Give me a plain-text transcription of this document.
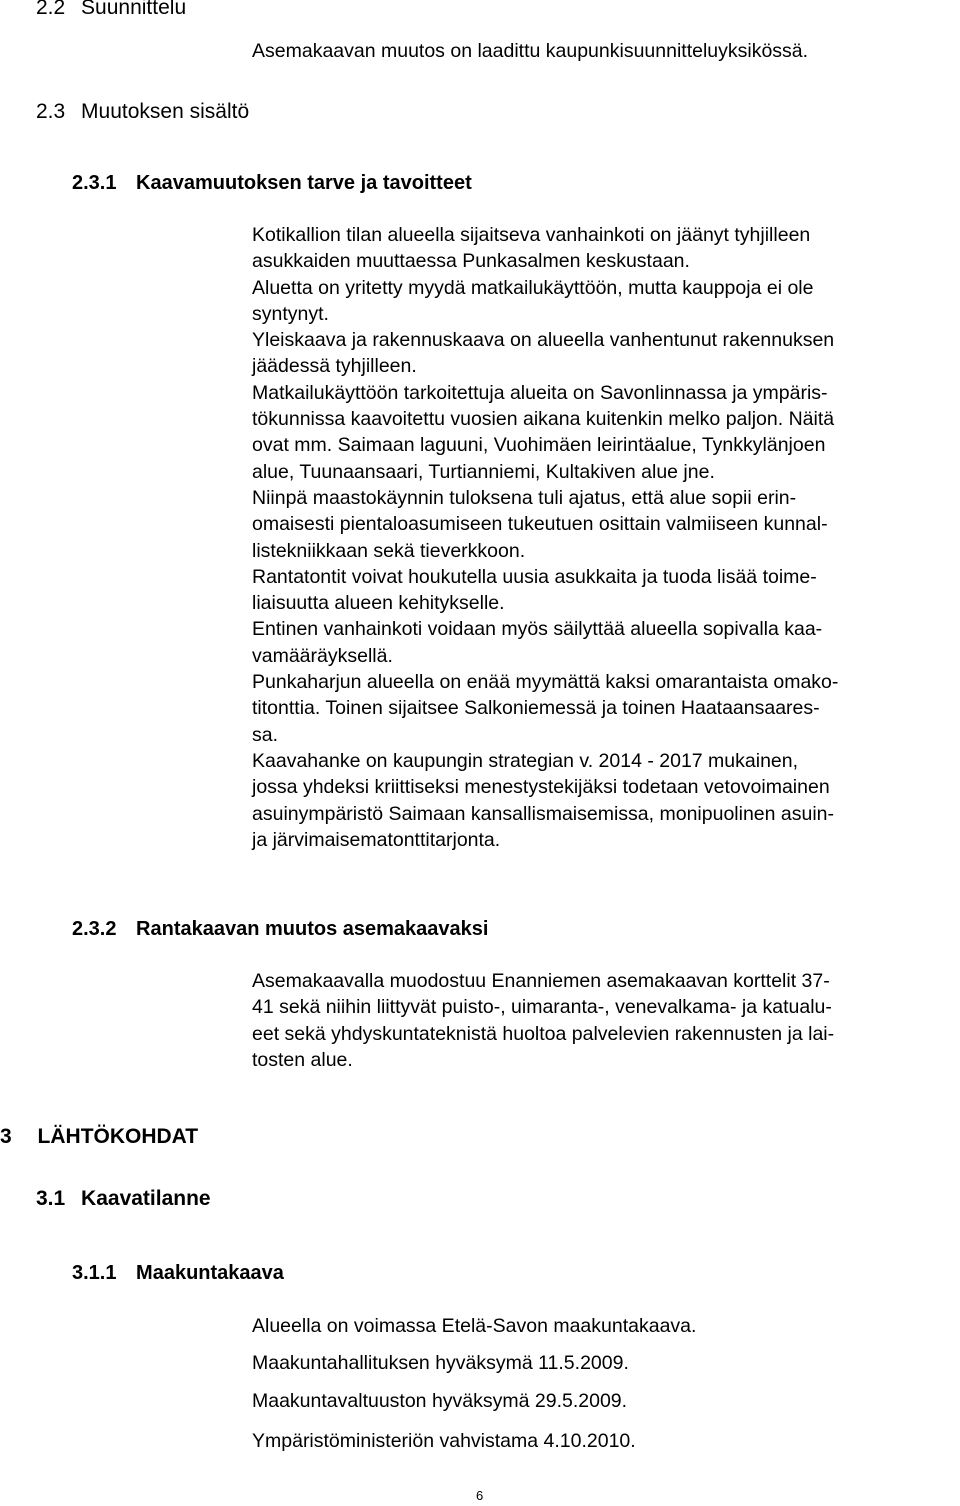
2.2 Suunnittelu
Asemakaavan muutos on laadittu kaupunkisuunnitteluyksikössä.
2.3 Muutoksen sisältö
2.3.1 Kaavamuutoksen tarve ja tavoitteet
Kotikallion tilan alueella sijaitseva vanhainkoti on jäänyt tyhjilleen
asukkaiden muuttaessa Punkasalmen keskustaan.
Aluetta on yritetty myydä matkailukäyttöön, mutta kauppoja ei ole
syntynyt.
Yleiskaava ja rakennuskaava on alueella vanhentunut rakennuksen
jäädessä tyhjilleen.
Matkailukäyttöön tarkoitettuja alueita on Savonlinnassa ja ympäris-
tökunnissa kaavoitettu vuosien aikana kuitenkin melko paljon. Näitä
ovat mm. Saimaan laguuni, Vuohimäen leirintäalue, Tynkkylänjoen
alue, Tuunaansaari, Turtianniemi, Kultakiven alue jne.
Niinpä maastokäynnin tuloksena tuli ajatus, että alue sopii erin-
omaisesti pientaloasumiseen tukeutuen osittain valmiiseen kunnal-
listekniikkaan sekä tieverkkoon.
Rantatontit voivat houkutella uusia asukkaita ja tuoda lisää toime-
liaisuutta alueen kehitykselle.
Entinen vanhainkoti voidaan myös säilyttää alueella sopivalla kaa-
vamääräyksellä.
Punkaharjun alueella on enää myymättä kaksi omarantaista omako-
titonttia. Toinen sijaitsee Salkoniemessä ja toinen Haataansaares-
sa.
Kaavahanke on kaupungin strategian v. 2014 - 2017 mukainen,
jossa yhdeksi kriittiseksi menestystekijäksi todetaan vetovoimainen
asuinympäristö Saimaan kansallismaisemissa, monipuolinen asuin-
ja järvimaisematonttitarjonta.
2.3.2 Rantakaavan muutos asemakaavaksi
Asemakaavalla muodostuu Enanniemen asemakaavan korttelit 37-
41 sekä niihin liittyvät puisto-, uimaranta-, venevalkama- ja katualu-
eet sekä yhdyskuntateknistä huoltoa palvelevien rakennusten ja lai-
tosten alue.
3 LÄHTÖKOHDAT
3.1 Kaavatilanne
3.1.1 Maakuntakaava
Alueella on voimassa Etelä-Savon maakuntakaava.
Maakuntahallituksen hyväksymä 11.5.2009.
Maakuntavaltuuston hyväksymä 29.5.2009.
Ympäristöministeriön vahvistama 4.10.2010.
6
